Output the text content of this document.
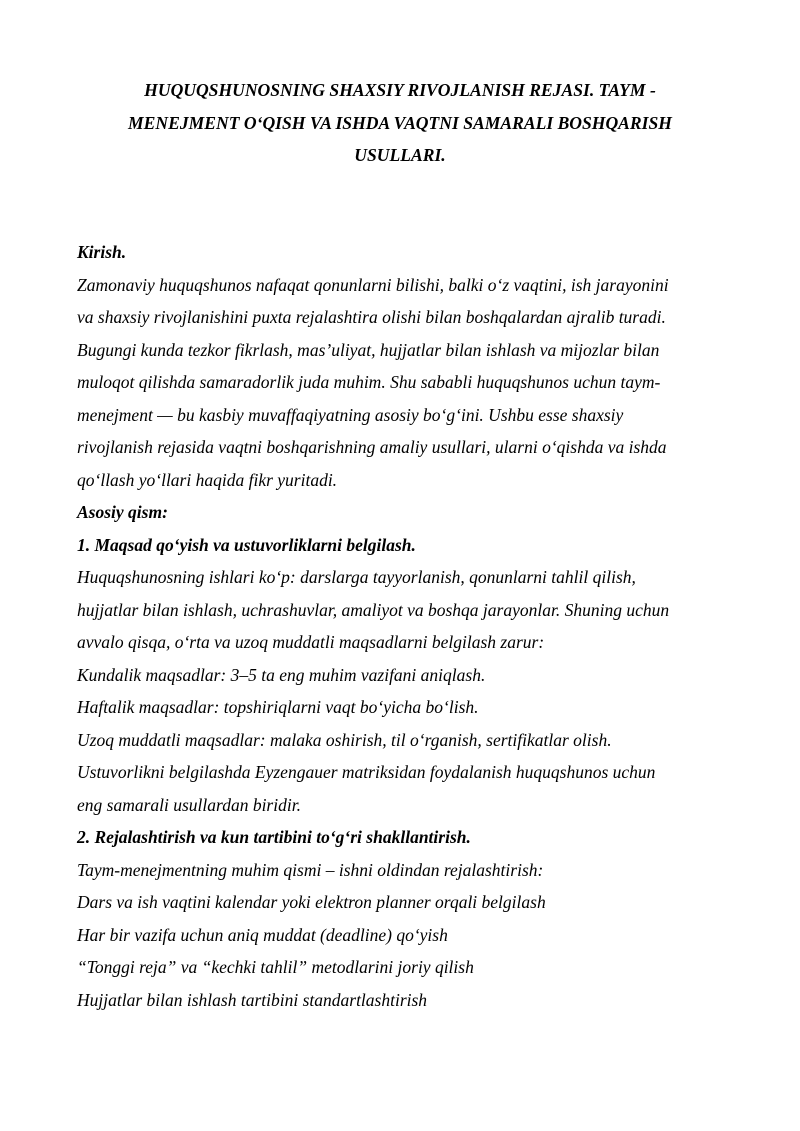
HUQUQSHUNOSNING SHAXSIY RIVOJLANISH REJASI. TAYM -
MENEJMENT O‘QISH VA ISHDA VAQTNI SAMARALI BOSHQARISH
USULLARI.
Kirish.
Zamonaviy huquqshunos nafaqat qonunlarni bilishi, balki o‘z vaqtini, ish jarayonini
va shaxsiy rivojlanishini puxta rejalashtira olishi bilan boshqalardan ajralib turadi.
Bugungi kunda tezkor fikrlash, mas’uliyat, hujjatlar bilan ishlash va mijozlar bilan
muloqot qilishda samaradorlik juda muhim. Shu sababli huquqshunos uchun taym-
menejment — bu kasbiy muvaffaqiyatning asosiy bo‘g‘ini. Ushbu esse shaxsiy
rivojlanish rejasida vaqtni boshqarishning amaliy usullari, ularni o‘qishda va ishda
qo‘llash yo‘llari haqida fikr yuritadi.
Asosiy qism:
1. Maqsad qo‘yish va ustuvorliklarni belgilash.
Huquqshunosning ishlari ko‘p: darslarga tayyorlanish, qonunlarni tahlil qilish,
hujjatlar bilan ishlash, uchrashuvlar, amaliyot va boshqa jarayonlar. Shuning uchun
avvalo qisqa, o‘rta va uzoq muddatli maqsadlarni belgilash zarur:
Kundalik maqsadlar: 3–5 ta eng muhim vazifani aniqlash.
Haftalik maqsadlar: topshiriqlarni vaqt bo‘yicha bo‘lish.
Uzoq muddatli maqsadlar: malaka oshirish, til o‘rganish, sertifikatlar olish.
Ustuvorlikni belgilashda Eyzengauer matriksidan foydalanish huquqshunos uchun
eng samarali usullardan biridir.
2. Rejalashtirish va kun tartibini to‘g‘ri shakllantirish.
Taym-menejmentning muhim qismi – ishni oldindan rejalashtirish:
Dars va ish vaqtini kalendar yoki elektron planner orqali belgilash
Har bir vazifa uchun aniq muddat (deadline) qo‘yish
“Tonggi reja” va “kechki tahlil” metodlarini joriy qilish
Hujjatlar bilan ishlash tartibini standartlashtirish
